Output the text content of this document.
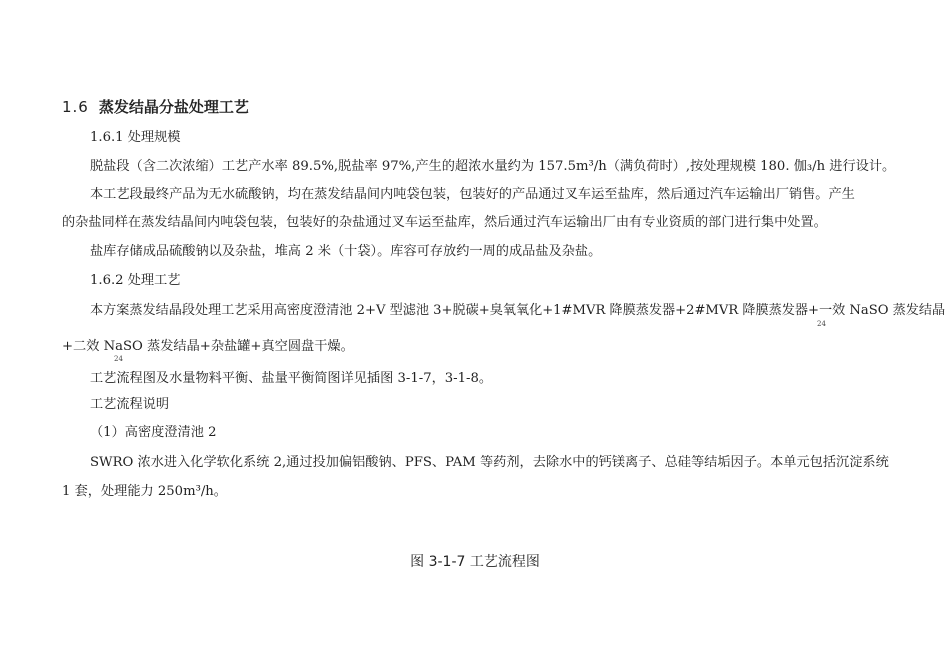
1.6 蒸发结晶分盐处理工艺
1.6.1 处理规模
脱盐段（含二次浓缩）工艺产水率 89.5%,脱盐率 97%,产生的超浓水量约为 157.5m³/h（满负荷时）,按处理规模 180. 伽₃/h 进行设计。
本工艺段最终产品为无水硫酸钠，均在蒸发结晶间内吨袋包装，包装好的产品通过叉车运至盐库，然后通过汽车运输出厂销售。产生
的杂盐同样在蒸发结晶间内吨袋包装，包装好的杂盐通过叉车运至盐库，然后通过汽车运输出厂由有专业资质的部门进行集中处置。
盐库存储成品硫酸钠以及杂盐，堆高 2 米（十袋）。库容可存放约一周的成品盐及杂盐。
1.6.2 处理工艺
本方案蒸发结晶段处理工艺采用高密度澄清池 2+V 型滤池 3+脱碳+臭氧氧化+1#MVR 降膜蒸发器+2#MVR 降膜蒸发器+一效 NaSO 蒸发结晶
24
+二效 NaSO 蒸发结晶+杂盐罐+真空圆盘干燥。
24
工艺流程图及水量物料平衡、盐量平衡简图详见插图 3-1-7，3-1-8。
工艺流程说明
（1）高密度澄清池 2
SWRO 浓水进入化学软化系统 2,通过投加偏铝酸钠、PFS、PAM 等药剂，去除水中的钙镁离子、总硅等结垢因子。本单元包括沉淀系统
1 套，处理能力 250m³/h。
图 3-1-7 工艺流程图
